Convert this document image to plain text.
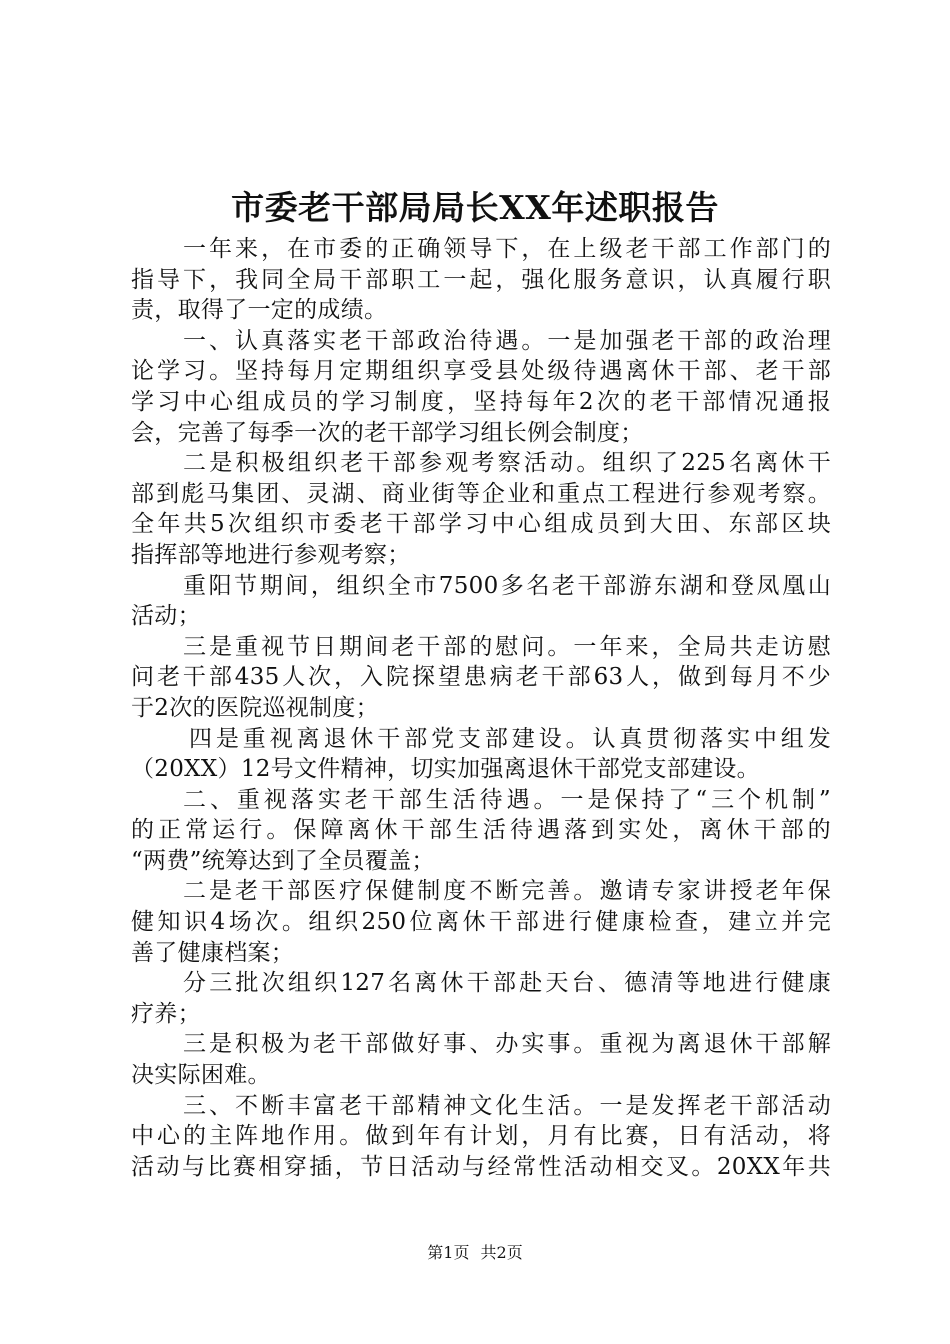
市委老干部局局长XX年述职报告
一年来，在市委的正确领导下，在上级老干部工作部门的
指导下，我同全局干部职工一起，强化服务意识，认真履行职
责，取得了一定的成绩。
一、认真落实老干部政治待遇。一是加强老干部的政治理
论学习。坚持每月定期组织享受县处级待遇离休干部、老干部
学习中心组成员的学习制度，坚持每年2次的老干部情况通报
会，完善了每季一次的老干部学习组长例会制度；
二是积极组织老干部参观考察活动。组织了225名离休干
部到彪马集团、灵湖、商业街等企业和重点工程进行参观考察。
全年共5次组织市委老干部学习中心组成员到大田、东部区块
指挥部等地进行参观考察；
重阳节期间，组织全市7500多名老干部游东湖和登凤凰山
活动；
三是重视节日期间老干部的慰问。一年来，全局共走访慰
问老干部435人次，入院探望患病老干部63人，做到每月不少
于2次的医院巡视制度；
四是重视离退休干部党支部建设。认真贯彻落实中组发
（20XX）12号文件精神，切实加强离退休干部党支部建设。
二、重视落实老干部生活待遇。一是保持了“三个机制”
的正常运行。保障离休干部生活待遇落到实处，离休干部的
“两费”统筹达到了全员覆盖；
二是老干部医疗保健制度不断完善。邀请专家讲授老年保
健知识4场次。组织250位离休干部进行健康检查，建立并完
善了健康档案；
分三批次组织127名离休干部赴天台、德清等地进行健康
疗养；
三是积极为老干部做好事、办实事。重视为离退休干部解
决实际困难。
三、不断丰富老干部精神文化生活。一是发挥老干部活动
中心的主阵地作用。做到年有计划，月有比赛，日有活动，将
活动与比赛相穿插，节日活动与经常性活动相交叉。20XX年共
第1页 共2页
